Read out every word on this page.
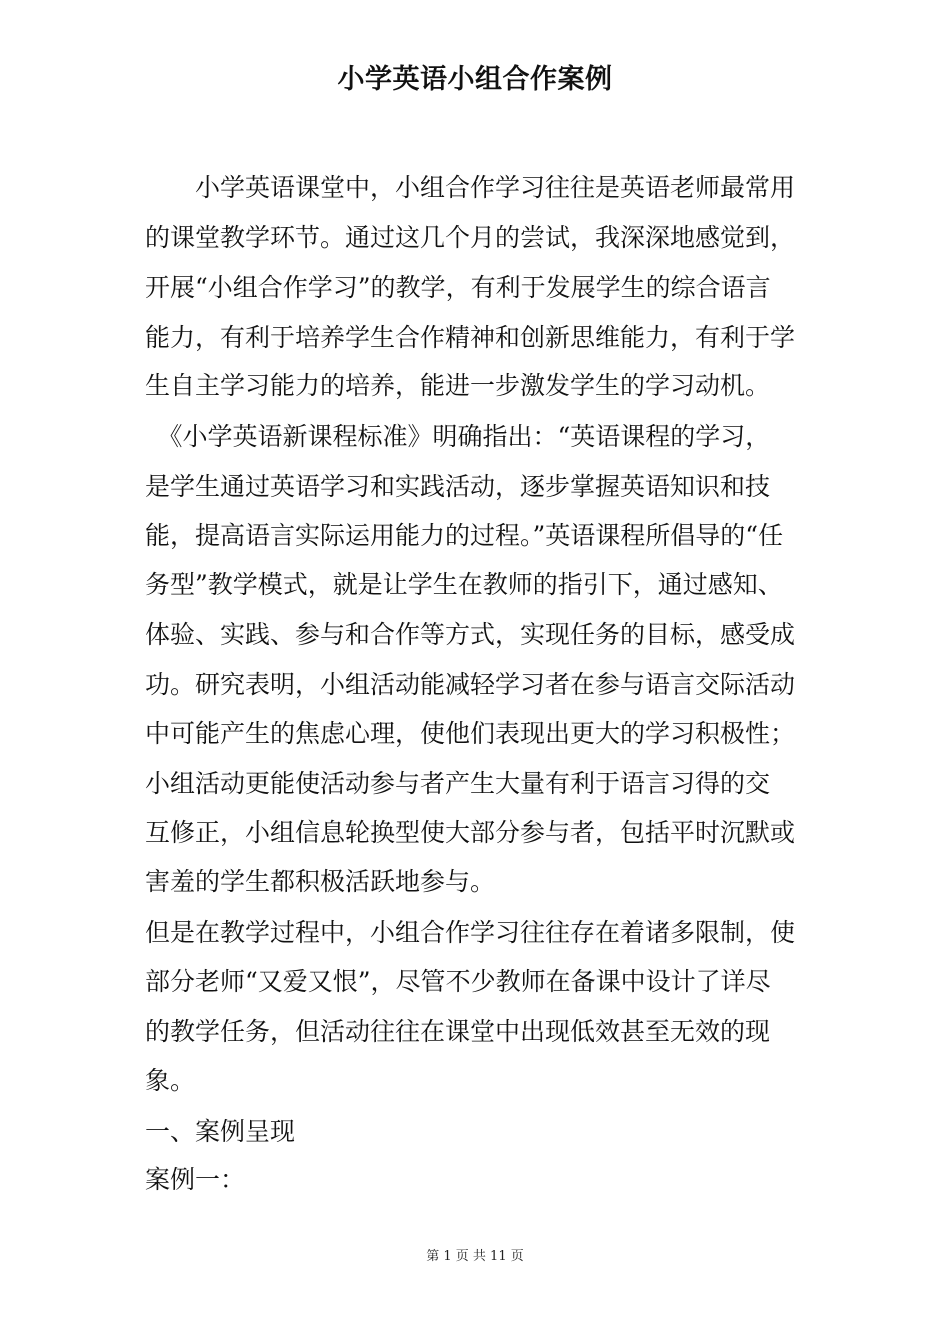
小学英语小组合作案例

　　小学英语课堂中，小组合作学习往往是英语老师最常用

的课堂教学环节。通过这几个月的尝试，我深深地感觉到，

开展“小组合作学习”的教学，有利于发展学生的综合语言

能力，有利于培养学生合作精神和创新思维能力，有利于学

生自主学习能力的培养，能进一步激发学生的学习动机。

　《小学英语新课程标准》明确指出：“英语课程的学习，

是学生通过英语学习和实践活动，逐步掌握英语知识和技

能，提高语言实际运用能力的过程。”英语课程所倡导的“任

务型”教学模式，就是让学生在教师的指引下，通过感知、

体验、实践、参与和合作等方式，实现任务的目标，感受成

功。研究表明，小组活动能减轻学习者在参与语言交际活动

中可能产生的焦虑心理，使他们表现出更大的学习积极性；

小组活动更能使活动参与者产生大量有利于语言习得的交

互修正，小组信息轮换型使大部分参与者，包括平时沉默或

害羞的学生都积极活跃地参与。

但是在教学过程中，小组合作学习往往存在着诸多限制，使

部分老师“又爱又恨”，尽管不少教师在备课中设计了详尽

的教学任务，但活动往往在课堂中出现低效甚至无效的现

象。

一、案例呈现

案例一：

第 1 页 共 11 页
